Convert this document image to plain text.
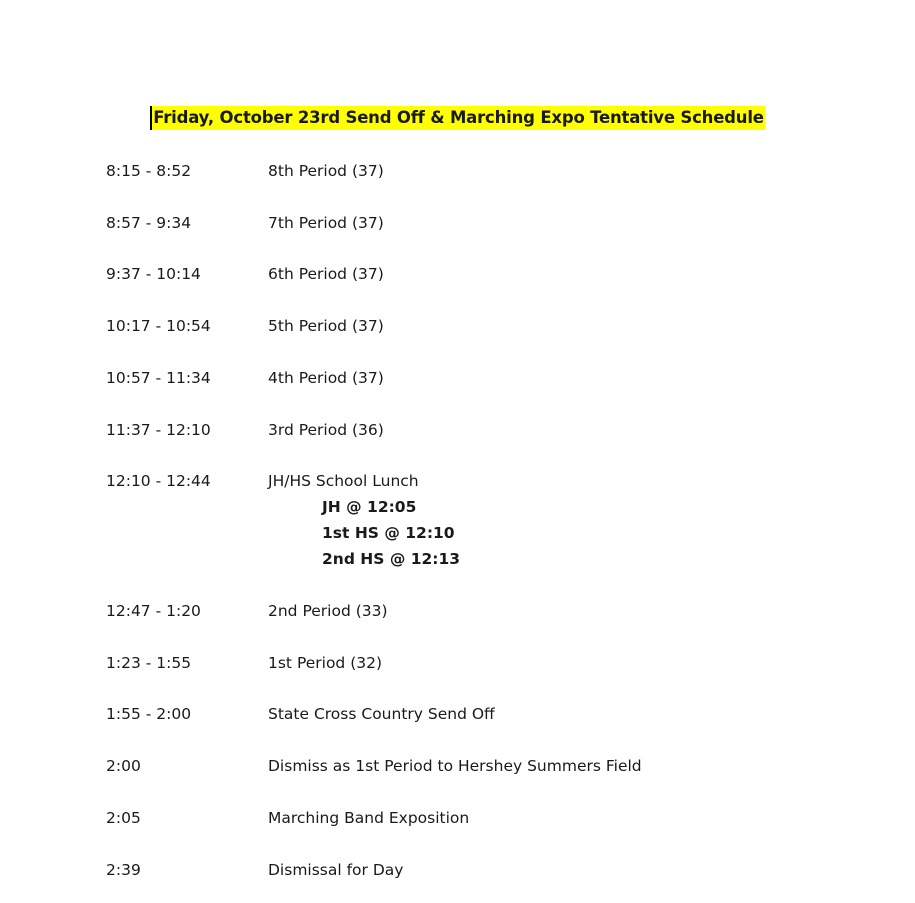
Friday, October 23rd Send Off & Marching Expo Tentative Schedule
8:15 - 8:52	8th Period (37)
8:57 - 9:34	7th Period (37)
9:37 - 10:14	6th Period (37)
10:17 - 10:54	5th Period (37)
10:57 - 11:34	4th Period (37)
11:37 - 12:10	3rd Period (36)
12:10 - 12:44	JH/HS School Lunch
JH @ 12:05
1st HS @ 12:10
2nd HS @ 12:13
12:47 - 1:20	2nd Period (33)
1:23 - 1:55	1st Period (32)
1:55 - 2:00	State Cross Country Send Off
2:00	Dismiss as 1st Period to Hershey Summers Field
2:05	Marching Band Exposition
2:39	Dismissal for Day
